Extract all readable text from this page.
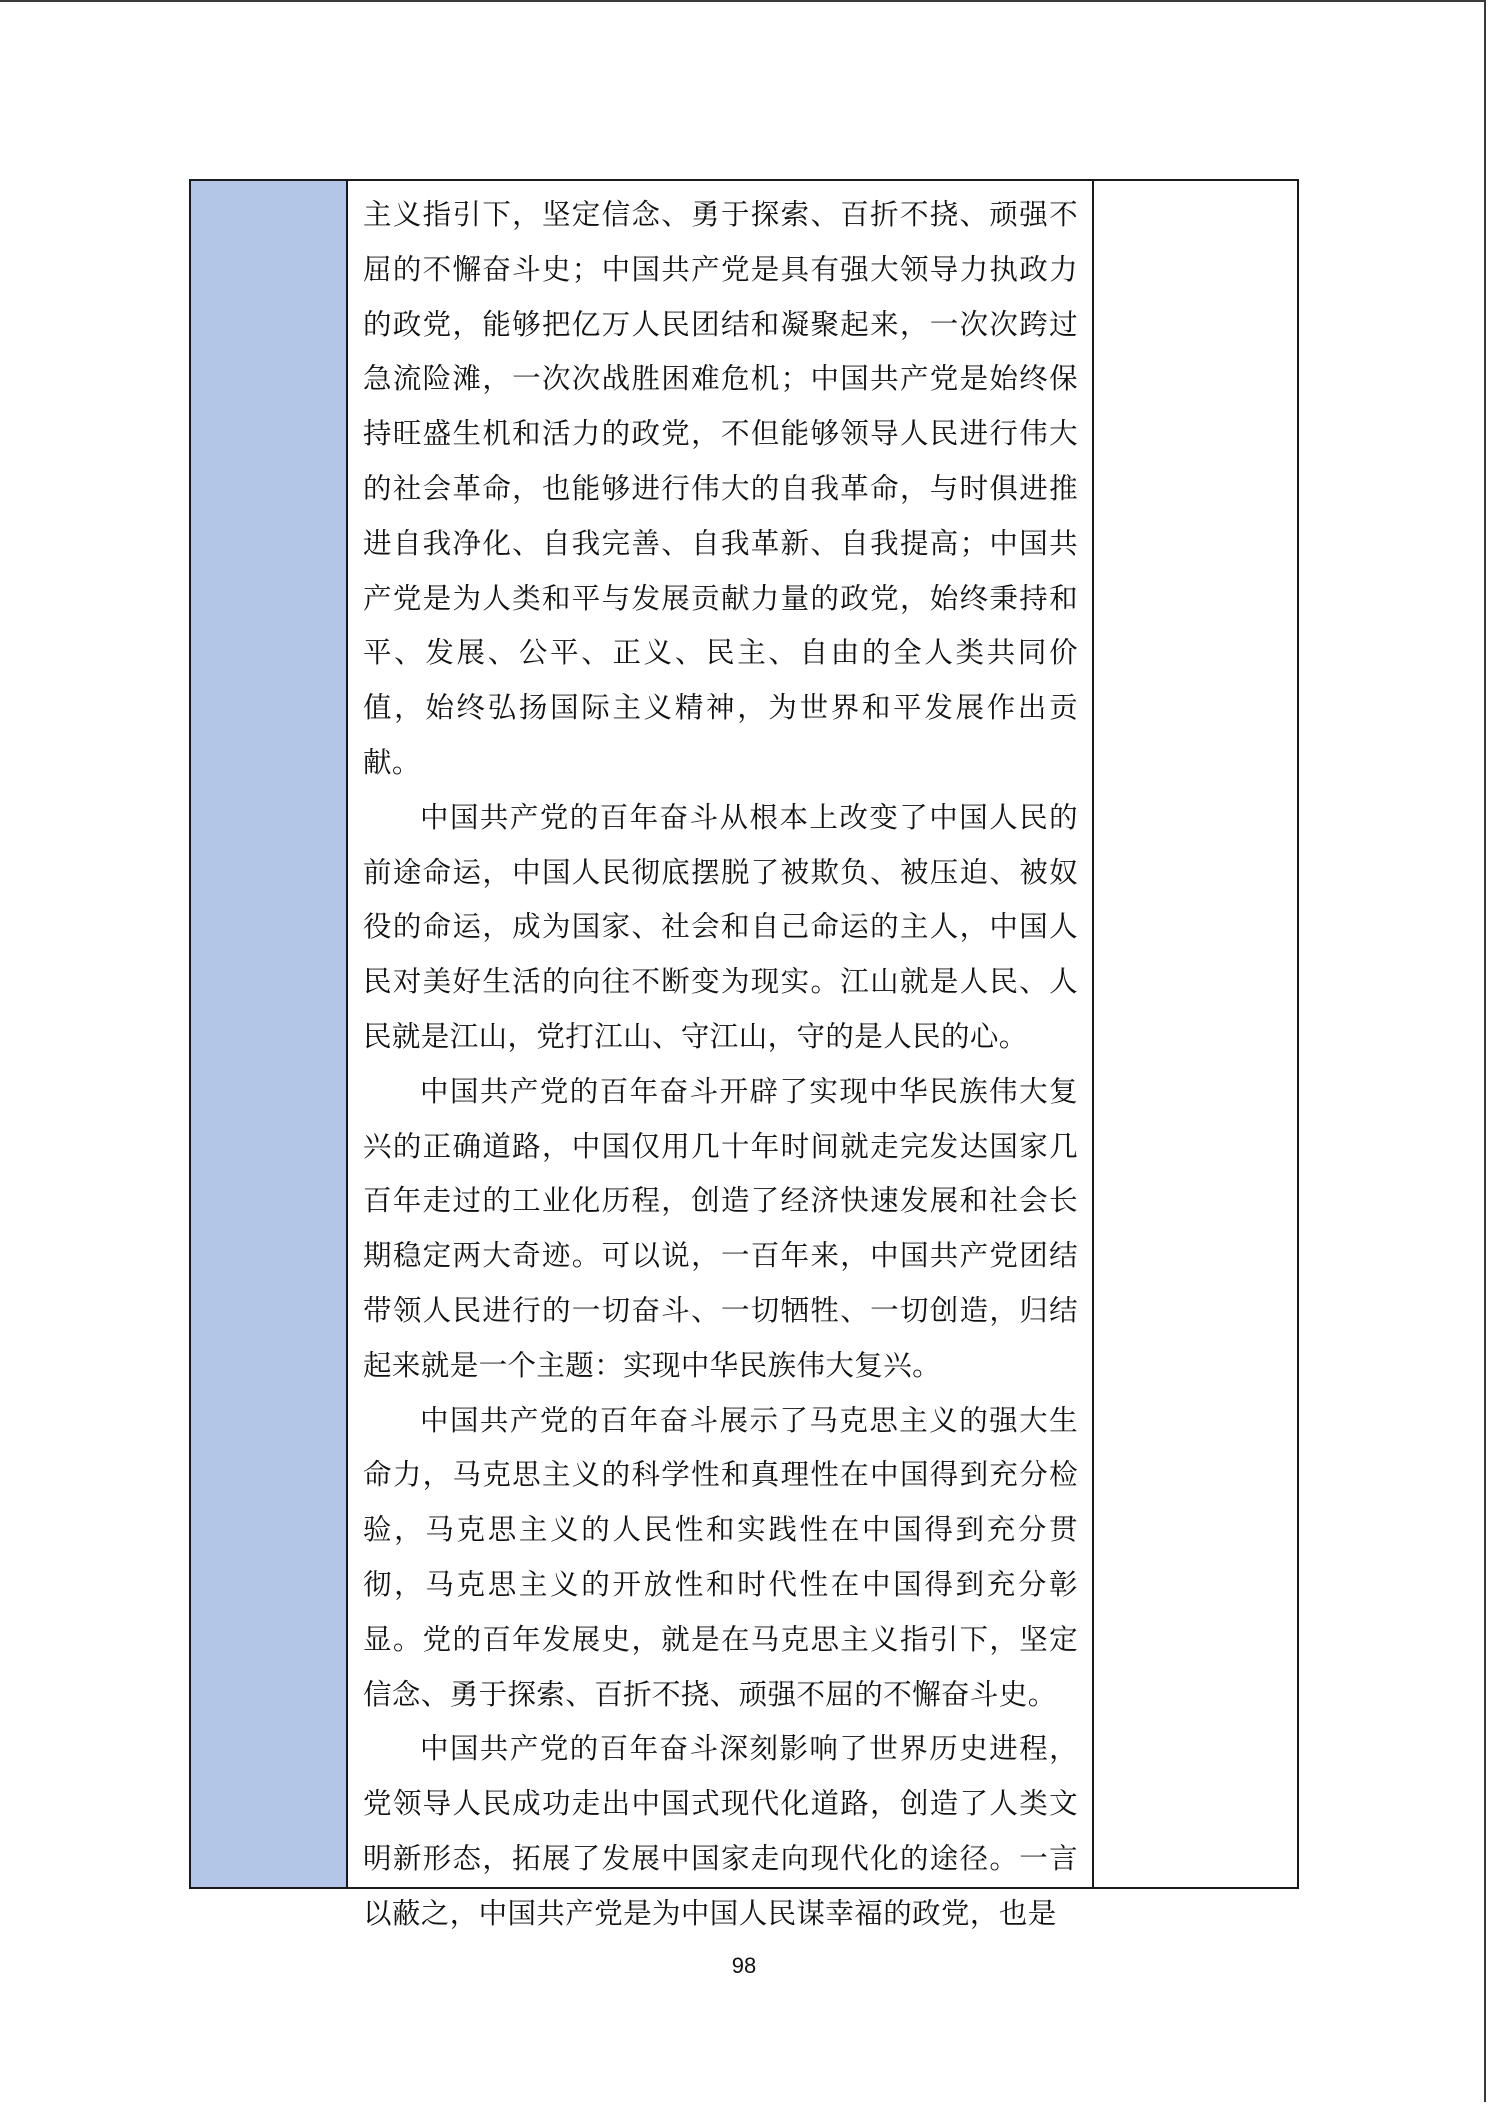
主义指引下，坚定信念、勇于探索、百折不挠、顽强不屈的不懈奋斗史；中国共产党是具有强大领导力执政力的政党，能够把亿万人民团结和凝聚起来，一次次跨过急流险滩，一次次战胜困难危机；中国共产党是始终保持旺盛生机和活力的政党，不但能够领导人民进行伟大的社会革命，也能够进行伟大的自我革命，与时俱进推进自我净化、自我完善、自我革新、自我提高；中国共产党是为人类和平与发展贡献力量的政党，始终秉持和平、发展、公平、正义、民主、自由的全人类共同价值，始终弘扬国际主义精神，为世界和平发展作出贡献。

中国共产党的百年奋斗从根本上改变了中国人民的前途命运，中国人民彻底摆脱了被欺负、被压迫、被奴役的命运，成为国家、社会和自己命运的主人，中国人民对美好生活的向往不断变为现实。江山就是人民、人民就是江山，党打江山、守江山，守的是人民的心。

中国共产党的百年奋斗开辟了实现中华民族伟大复兴的正确道路，中国仅用几十年时间就走完发达国家几百年走过的工业化历程，创造了经济快速发展和社会长期稳定两大奇迹。可以说，一百年来，中国共产党团结带领人民进行的一切奋斗、一切牺牲、一切创造，归结起来就是一个主题：实现中华民族伟大复兴。

中国共产党的百年奋斗展示了马克思主义的强大生命力，马克思主义的科学性和真理性在中国得到充分检验，马克思主义的人民性和实践性在中国得到充分贯彻，马克思主义的开放性和时代性在中国得到充分彰显。党的百年发展史，就是在马克思主义指引下，坚定信念、勇于探索、百折不挠、顽强不屈的不懈奋斗史。

中国共产党的百年奋斗深刻影响了世界历史进程，党领导人民成功走出中国式现代化道路，创造了人类文明新形态，拓展了发展中国家走向现代化的途径。一言以蔽之，中国共产党是为中国人民谋幸福的政党，也是

98
